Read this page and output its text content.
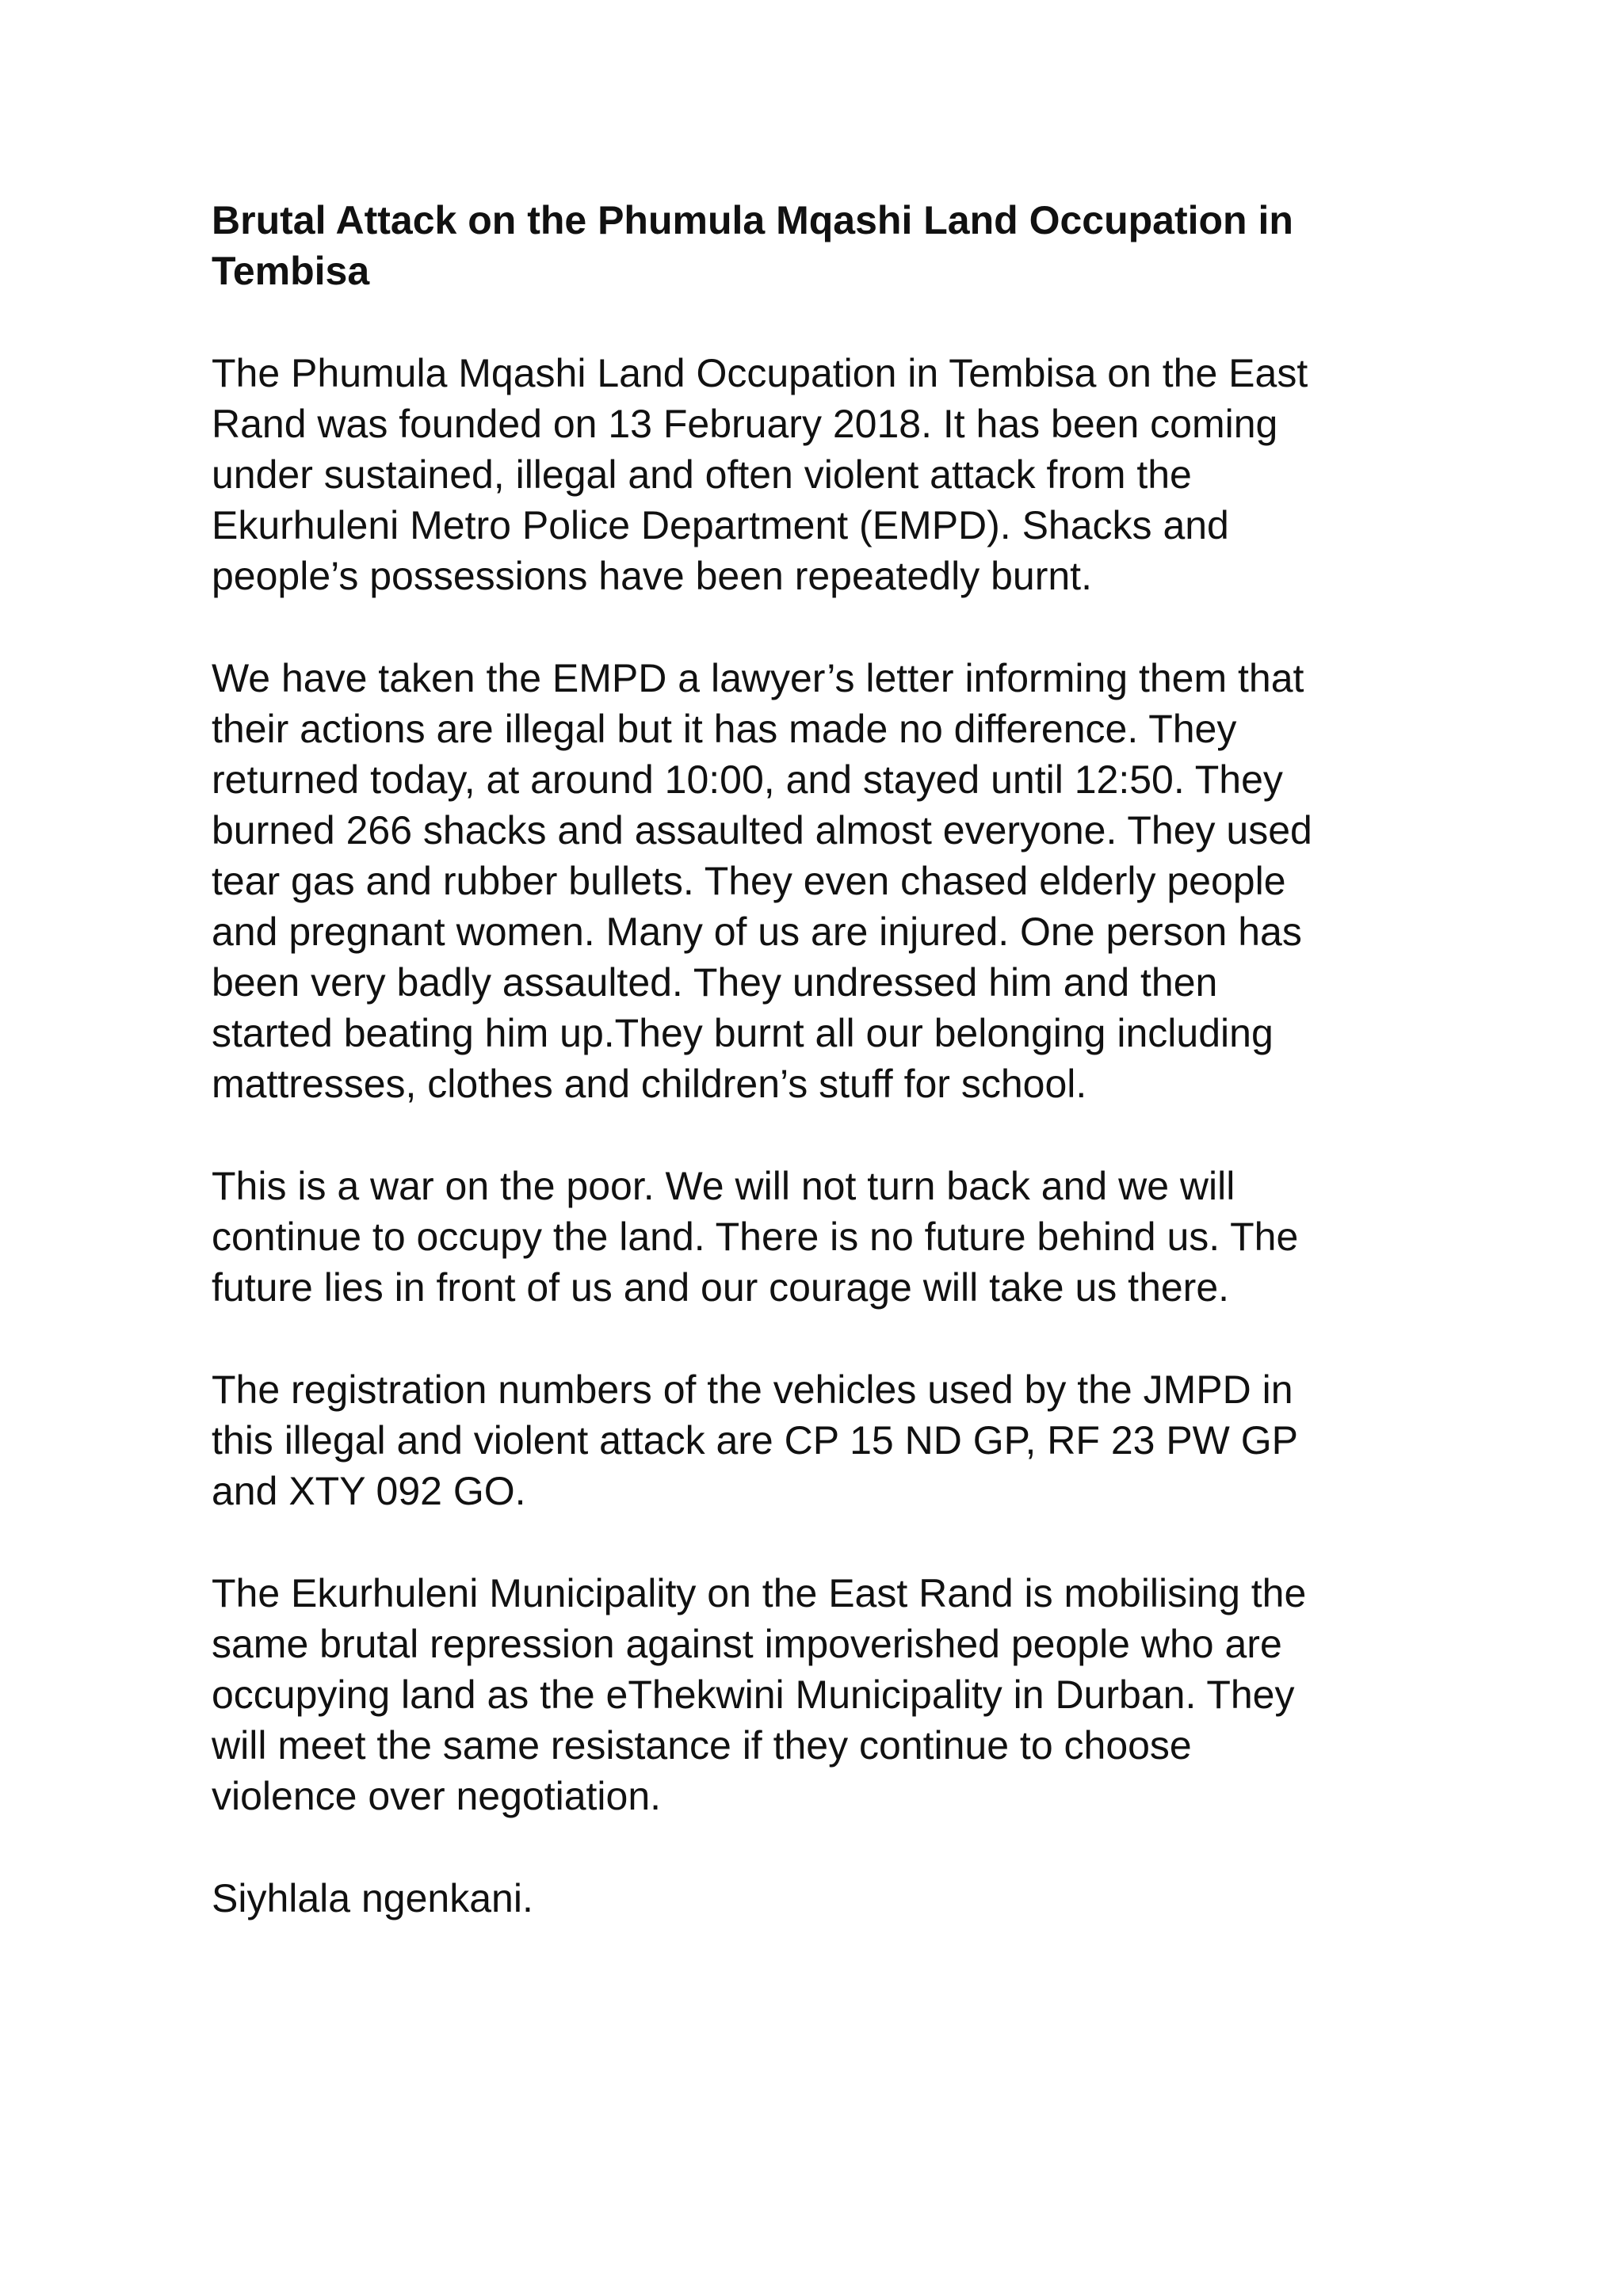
Brutal Attack on the Phumula Mqashi Land Occupation in
Tembisa

The Phumula Mqashi Land Occupation in Tembisa on the East
Rand was founded on 13 February 2018. It has been coming
under sustained, illegal and often violent attack from the
Ekurhuleni Metro Police Department (EMPD). Shacks and
people’s possessions have been repeatedly burnt.

We have taken the EMPD a lawyer’s letter informing them that
their actions are illegal but it has made no difference. They
returned today, at around 10:00, and stayed until 12:50. They
burned 266 shacks and assaulted almost everyone. They used
tear gas and rubber bullets. They even chased elderly people
and pregnant women. Many of us are injured. One person has
been very badly assaulted. They undressed him and then
started beating him up.They burnt all our belonging including
mattresses, clothes and children’s stuff for school.

This is a war on the poor. We will not turn back and we will
continue to occupy the land. There is no future behind us. The
future lies in front of us and our courage will take us there.

The registration numbers of the vehicles used by the JMPD in
this illegal and violent attack are CP 15 ND GP, RF 23 PW GP
and XTY 092 GO.

The Ekurhuleni Municipality on the East Rand is mobilising the
same brutal repression against impoverished people who are
occupying land as the eThekwini Municipality in Durban. They
will meet the same resistance if they continue to choose
violence over negotiation.

Siyhlala ngenkani.
